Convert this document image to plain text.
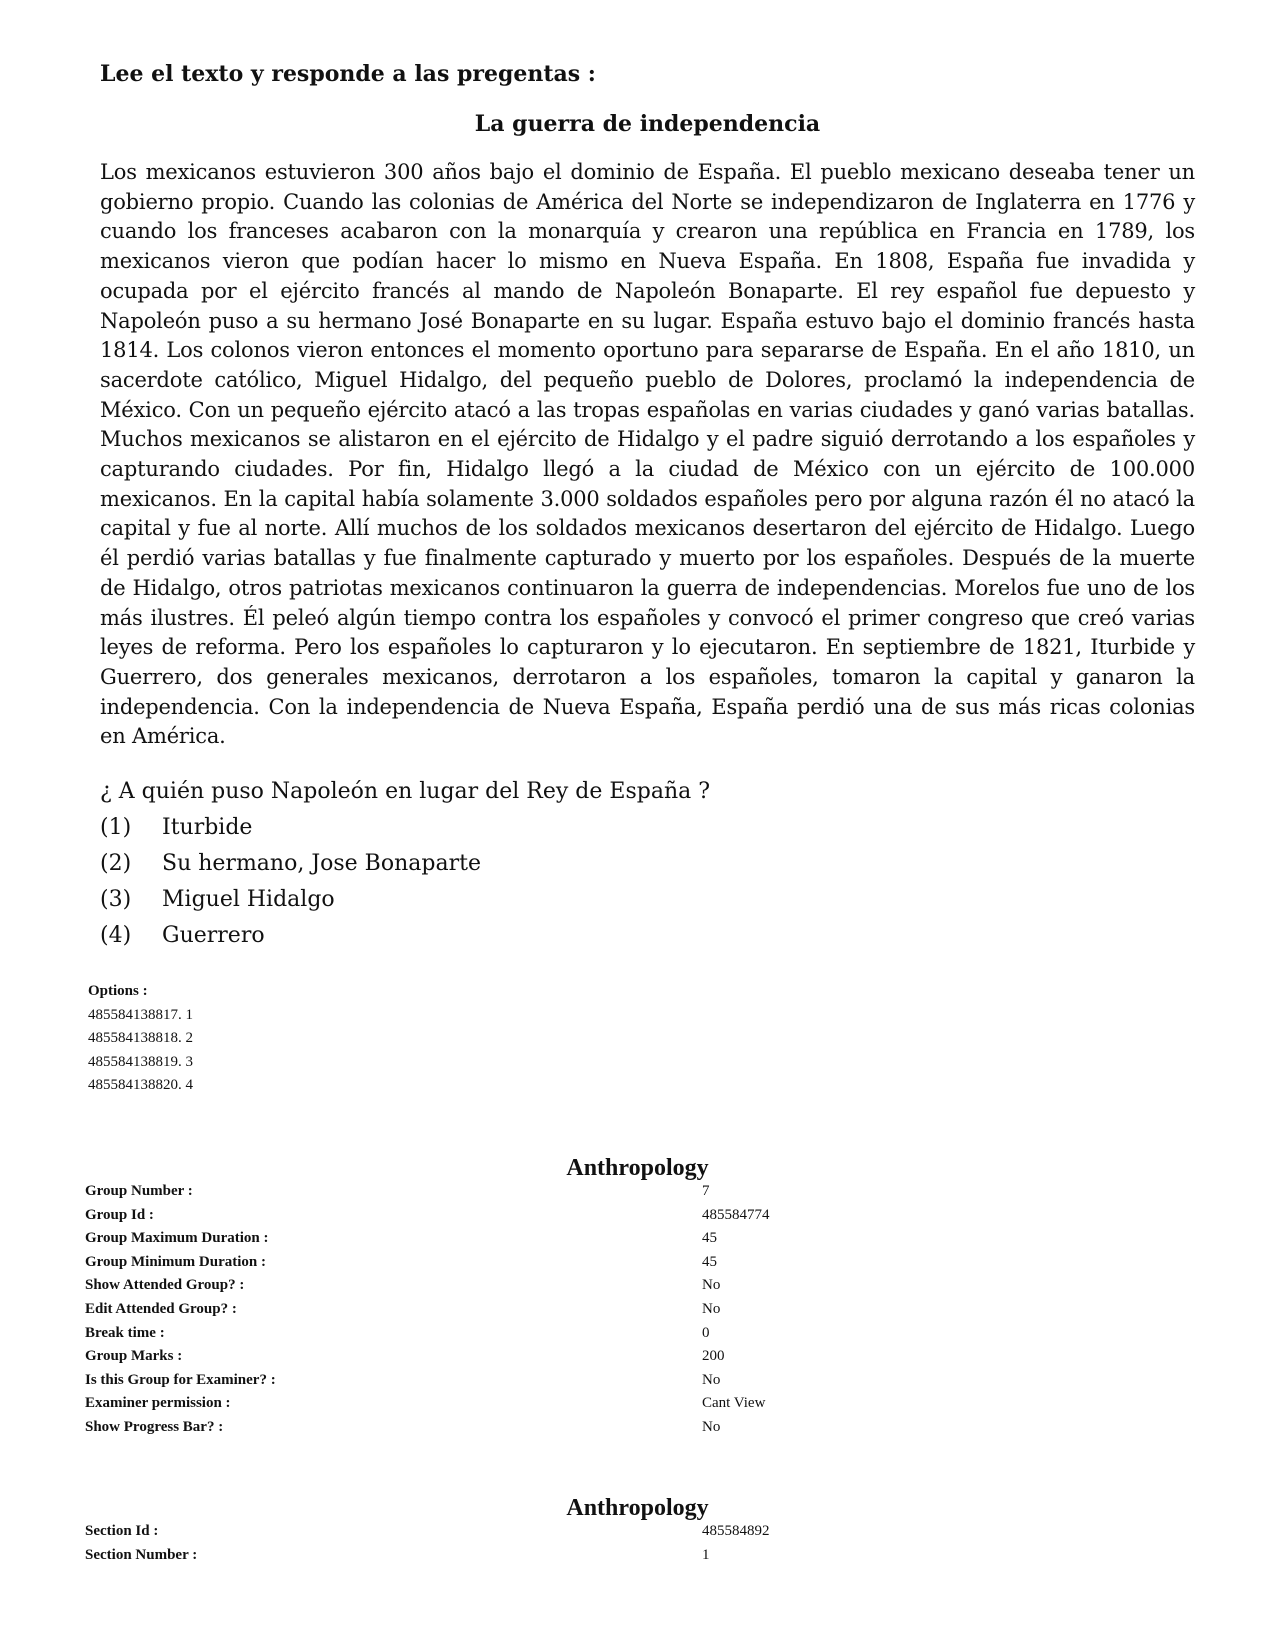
Lee el texto y responde a las pregentas :

La guerra de independencia

Los mexicanos estuvieron 300 años bajo el dominio de España. El pueblo mexicano deseaba tener un gobierno propio. Cuando las colonias de América del Norte se independizaron de Inglaterra en 1776 y cuando los franceses acabaron con la monarquía y crearon una república en Francia en 1789, los mexicanos vieron que podían hacer lo mismo en Nueva España. En 1808, España fue invadida y ocupada por el ejército francés al mando de Napoleón Bonaparte. El rey español fue depuesto y Napoleón puso a su hermano José Bonaparte en su lugar. España estuvo bajo el dominio francés hasta 1814. Los colonos vieron entonces el momento oportuno para separarse de España. En el año 1810, un sacerdote católico, Miguel Hidalgo, del pequeño pueblo de Dolores, proclamó la independencia de México. Con un pequeño ejército atacó a las tropas españolas en varias ciudades y ganó varias batallas. Muchos mexicanos se alistaron en el ejército de Hidalgo y el padre siguió derrotando a los españoles y capturando ciudades. Por fin, Hidalgo llegó a la ciudad de México con un ejército de 100.000 mexicanos. En la capital había solamente 3.000 soldados españoles pero por alguna razón él no atacó la capital y fue al norte. Allí muchos de los soldados mexicanos desertaron del ejército de Hidalgo. Luego él perdió varias batallas y fue finalmente capturado y muerto por los españoles. Después de la muerte de Hidalgo, otros patriotas mexicanos continuaron la guerra de independencias. Morelos fue uno de los más ilustres. Él peleó algún tiempo contra los españoles y convocó el primer congreso que creó varias leyes de reforma. Pero los españoles lo capturaron y lo ejecutaron. En septiembre de 1821, Iturbide y Guerrero, dos generales mexicanos, derrotaron a los españoles, tomaron la capital y ganaron la independencia. Con la independencia de Nueva España, España perdió una de sus más ricas colonias en América.

¿ A quién puso Napoleón en lugar del Rey de España ?

(1)	Iturbide
(2)	Su hermano, Jose Bonaparte
(3)	Miguel Hidalgo
(4)	Guerrero
Options :
485584138817. 1
485584138818. 2
485584138819. 3
485584138820. 4
Anthropology
Group Number :	7
Group Id :	485584774
Group Maximum Duration :	45
Group Minimum Duration :	45
Show Attended Group? :	No
Edit Attended Group? :	No
Break time :	0
Group Marks :	200
Is this Group for Examiner? :	No
Examiner permission :	Cant View
Show Progress Bar? :	No
Anthropology
Section Id :	485584892
Section Number :	1
